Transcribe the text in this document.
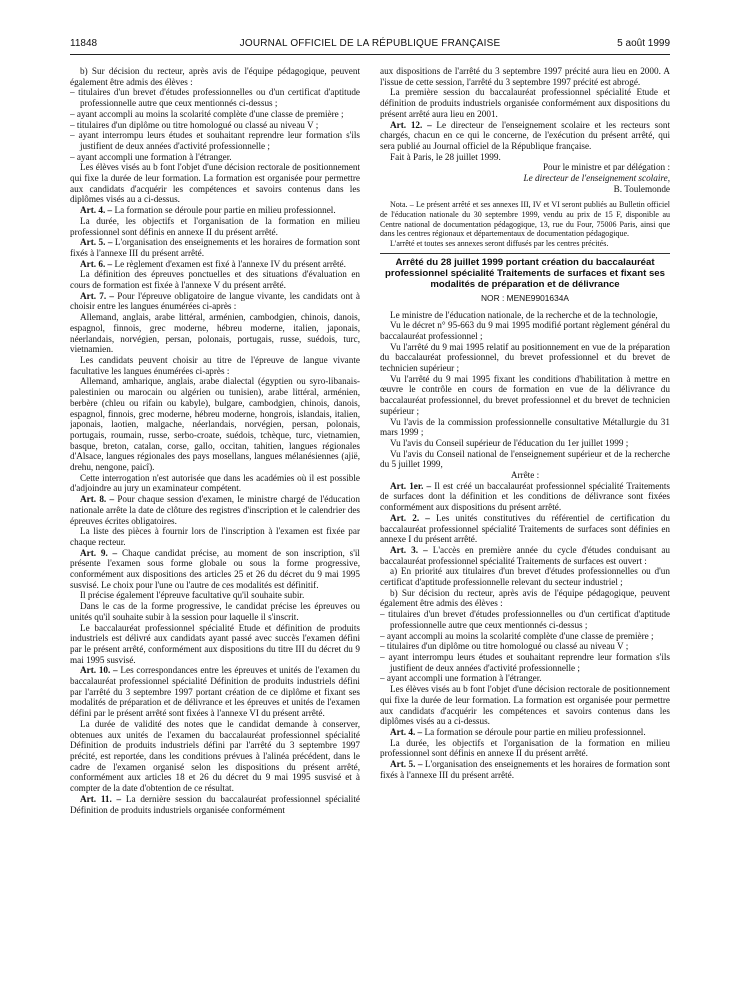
11848	JOURNAL OFFICIEL DE LA RÉPUBLIQUE FRANÇAISE	5 août 1999

b) Sur décision du recteur, après avis de l'équipe pédagogique, peuvent également être admis des élèves :

– titulaires d'un brevet d'études professionnelles ou d'un certificat d'aptitude professionnelle autre que ceux mentionnés ci-dessus ;

– ayant accompli au moins la scolarité complète d'une classe de première ;

– titulaires d'un diplôme ou titre homologué ou classé au niveau V ;

– ayant interrompu leurs études et souhaitant reprendre leur formation s'ils justifient de deux années d'activité professionnelle ;

– ayant accompli une formation à l'étranger.

Les élèves visés au b font l'objet d'une décision rectorale de positionnement qui fixe la durée de leur formation. La formation est organisée pour permettre aux candidats d'acquérir les compétences et savoirs contenus dans les diplômes visés au a ci-dessus.

Art. 4. – La formation se déroule pour partie en milieu professionnel.

La durée, les objectifs et l'organisation de la formation en milieu professionnel sont définis en annexe II du présent arrêté.

Art. 5. – L'organisation des enseignements et les horaires de formation sont fixés à l'annexe III du présent arrêté.

Art. 6. – Le règlement d'examen est fixé à l'annexe IV du présent arrêté.

La définition des épreuves ponctuelles et des situations d'évaluation en cours de formation est fixée à l'annexe V du présent arrêté.

Art. 7. – Pour l'épreuve obligatoire de langue vivante, les candidats ont à choisir entre les langues énumérées ci-après :

Allemand, anglais, arabe littéral, arménien, cambodgien, chinois, danois, espagnol, finnois, grec moderne, hébreu moderne, italien, japonais, néerlandais, norvégien, persan, polonais, portugais, russe, suédois, turc, vietnamien.

Les candidats peuvent choisir au titre de l'épreuve de langue vivante facultative les langues énumérées ci-après :

Allemand, amharique, anglais, arabe dialectal (égyptien ou syro-libanais-palestinien ou marocain ou algérien ou tunisien), arabe littéral, arménien, berbère (chleu ou rifain ou kabyle), bulgare, cambodgien, chinois, danois, espagnol, finnois, grec moderne, hébreu moderne, hongrois, islandais, italien, japonais, laotien, malgache, néerlandais, norvégien, persan, polonais, portugais, roumain, russe, serbo-croate, suédois, tchèque, turc, vietnamien, basque, breton, catalan, corse, gallo, occitan, tahitien, langues régionales d'Alsace, langues régionales des pays mosellans, langues mélanésiennes (ajië, drehu, nengone, paicî).

Cette interrogation n'est autorisée que dans les académies où il est possible d'adjoindre au jury un examinateur compétent.

Art. 8. – Pour chaque session d'examen, le ministre chargé de l'éducation nationale arrête la date de clôture des registres d'inscription et le calendrier des épreuves écrites obligatoires.

La liste des pièces à fournir lors de l'inscription à l'examen est fixée par chaque recteur.

Art. 9. – Chaque candidat précise, au moment de son inscription, s'il présente l'examen sous forme globale ou sous la forme progressive, conformément aux dispositions des articles 25 et 26 du décret du 9 mai 1995 susvisé. Le choix pour l'une ou l'autre de ces modalités est définitif.

Il précise également l'épreuve facultative qu'il souhaite subir.

Dans le cas de la forme progressive, le candidat précise les épreuves ou unités qu'il souhaite subir à la session pour laquelle il s'inscrit.

Le baccalauréat professionnel spécialité Etude et définition de produits industriels est délivré aux candidats ayant passé avec succès l'examen défini par le présent arrêté, conformément aux dispositions du titre III du décret du 9 mai 1995 susvisé.

Art. 10. – Les correspondances entre les épreuves et unités de l'examen du baccalauréat professionnel spécialité Définition de produits industriels défini par l'arrêté du 3 septembre 1997 portant création de ce diplôme et fixant ses modalités de préparation et de délivrance et les épreuves et unités de l'examen défini par le présent arrêté sont fixées à l'annexe VI du présent arrêté.

La durée de validité des notes que le candidat demande à conserver, obtenues aux unités de l'examen du baccalauréat professionnel spécialité Définition de produits industriels défini par l'arrêté du 3 septembre 1997 précité, est reportée, dans les conditions prévues à l'alinéa précédent, dans le cadre de l'examen organisé selon les dispositions du présent arrêté, conformément aux articles 18 et 26 du décret du 9 mai 1995 susvisé et à compter de la date d'obtention de ce résultat.

Art. 11. – La dernière session du baccalauréat professionnel spécialité Définition de produits industriels organisée conformément

aux dispositions de l'arrêté du 3 septembre 1997 précité aura lieu en 2000. A l'issue de cette session, l'arrêté du 3 septembre 1997 précité est abrogé.

La première session du baccalauréat professionnel spécialité Etude et définition de produits industriels organisée conformément aux dispositions du présent arrêté aura lieu en 2001.

Art. 12. – Le directeur de l'enseignement scolaire et les recteurs sont chargés, chacun en ce qui le concerne, de l'exécution du présent arrêté, qui sera publié au Journal officiel de la République française.

Fait à Paris, le 28 juillet 1999.

Pour le ministre et par délégation :

Le directeur de l'enseignement scolaire,

B. Toulemonde

Nota. – Le présent arrêté et ses annexes III, IV et VI seront publiés au Bulletin officiel de l'éducation nationale du 30 septembre 1999, vendu au prix de 15 F, disponible au Centre national de documentation pédagogique, 13, rue du Four, 75006 Paris, ainsi que dans les centres régionaux et départementaux de documentation pédagogique.

L'arrêté et toutes ses annexes seront diffusés par les centres précités.

Arrêté du 28 juillet 1999 portant création du baccalauréat professionnel spécialité Traitements de surfaces et fixant ses modalités de préparation et de délivrance
NOR : MENE9901634A

Le ministre de l'éducation nationale, de la recherche et de la technologie,

Vu le décret n° 95-663 du 9 mai 1995 modifié portant règlement général du baccalauréat professionnel ;

Vu l'arrêté du 9 mai 1995 relatif au positionnement en vue de la préparation du baccalauréat professionnel, du brevet professionnel et du brevet de technicien supérieur ;

Vu l'arrêté du 9 mai 1995 fixant les conditions d'habilitation à mettre en œuvre le contrôle en cours de formation en vue de la délivrance du baccalauréat professionnel, du brevet professionnel et du brevet de technicien supérieur ;

Vu l'avis de la commission professionnelle consultative Métallurgie du 31 mars 1999 ;

Vu l'avis du Conseil supérieur de l'éducation du 1er juillet 1999 ;

Vu l'avis du Conseil national de l'enseignement supérieur et de la recherche du 5 juillet 1999,

Arrête :

Art. 1er. – Il est créé un baccalauréat professionnel spécialité Traitements de surfaces dont la définition et les conditions de délivrance sont fixées conformément aux dispositions du présent arrêté.

Art. 2. – Les unités constitutives du référentiel de certification du baccalauréat professionnel spécialité Traitements de surfaces sont définies en annexe I du présent arrêté.

Art. 3. – L'accès en première année du cycle d'études conduisant au baccalauréat professionnel spécialité Traitements de surfaces est ouvert :

a) En priorité aux titulaires d'un brevet d'études professionnelles ou d'un certificat d'aptitude professionnelle relevant du secteur industriel ;

b) Sur décision du recteur, après avis de l'équipe pédagogique, peuvent également être admis des élèves :

– titulaires d'un brevet d'études professionnelles ou d'un certificat d'aptitude professionnelle autre que ceux mentionnés ci-dessus ;

– ayant accompli au moins la scolarité complète d'une classe de première ;

– titulaires d'un diplôme ou titre homologué ou classé au niveau V ;

– ayant interrompu leurs études et souhaitant reprendre leur formation s'ils justifient de deux années d'activité professionnelle ;

– ayant accompli une formation à l'étranger.

Les élèves visés au b font l'objet d'une décision rectorale de positionnement qui fixe la durée de leur formation. La formation est organisée pour permettre aux candidats d'acquérir les compétences et savoirs contenus dans les diplômes visés au a ci-dessus.

Art. 4. – La formation se déroule pour partie en milieu professionnel.

La durée, les objectifs et l'organisation de la formation en milieu professionnel sont définis en annexe II du présent arrêté.

Art. 5. – L'organisation des enseignements et les horaires de formation sont fixés à l'annexe III du présent arrêté.
